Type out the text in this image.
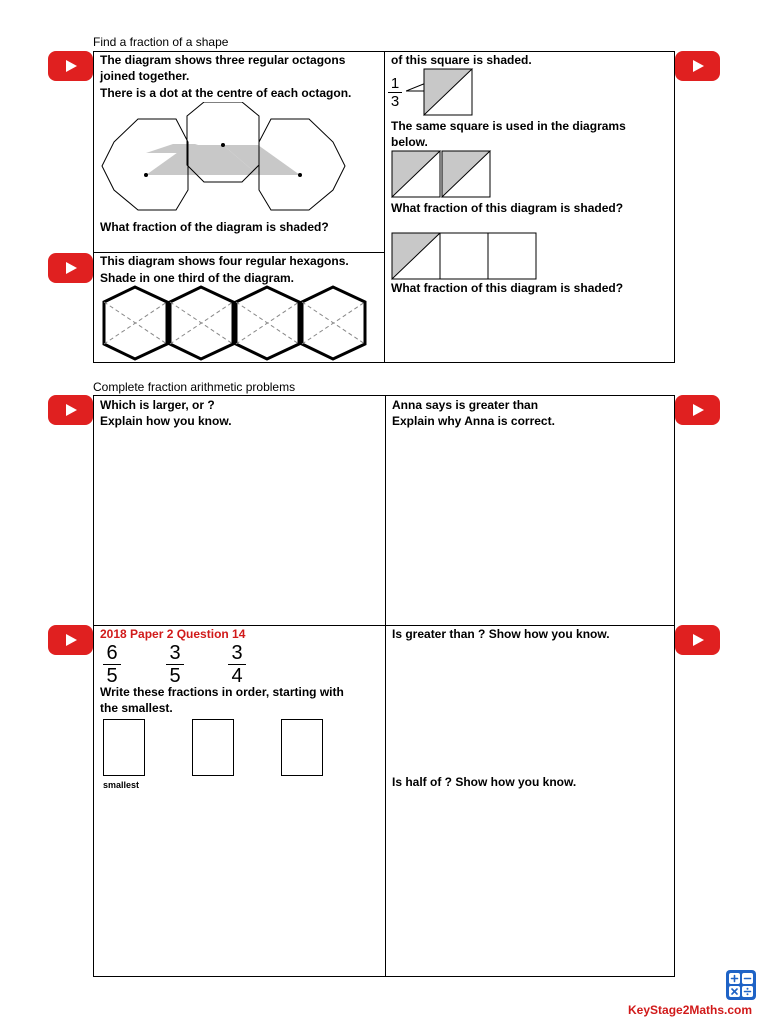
Find a fraction of a shape
The diagram shows three regular octagons
joined together.
There is a dot at the centre of each octagon.
What fraction of the diagram is shaded?
This diagram shows four regular hexagons.
Shade in one third of the diagram.
of this square is shaded.
1
3
The same square is used in the diagrams
below.
What fraction of this diagram is shaded?
What fraction of this diagram is shaded?
Complete fraction arithmetic problems
Which is larger, or ?
Explain how you know.
Anna says is greater than
Explain why Anna is correct.
2018 Paper 2 Question 14
6
5
3
5
3
4
Write these fractions in order, starting with
the smallest.
smallest
Is greater than ? Show how you know.
Is half of ? Show how you know.
KeyStage2Maths.com
